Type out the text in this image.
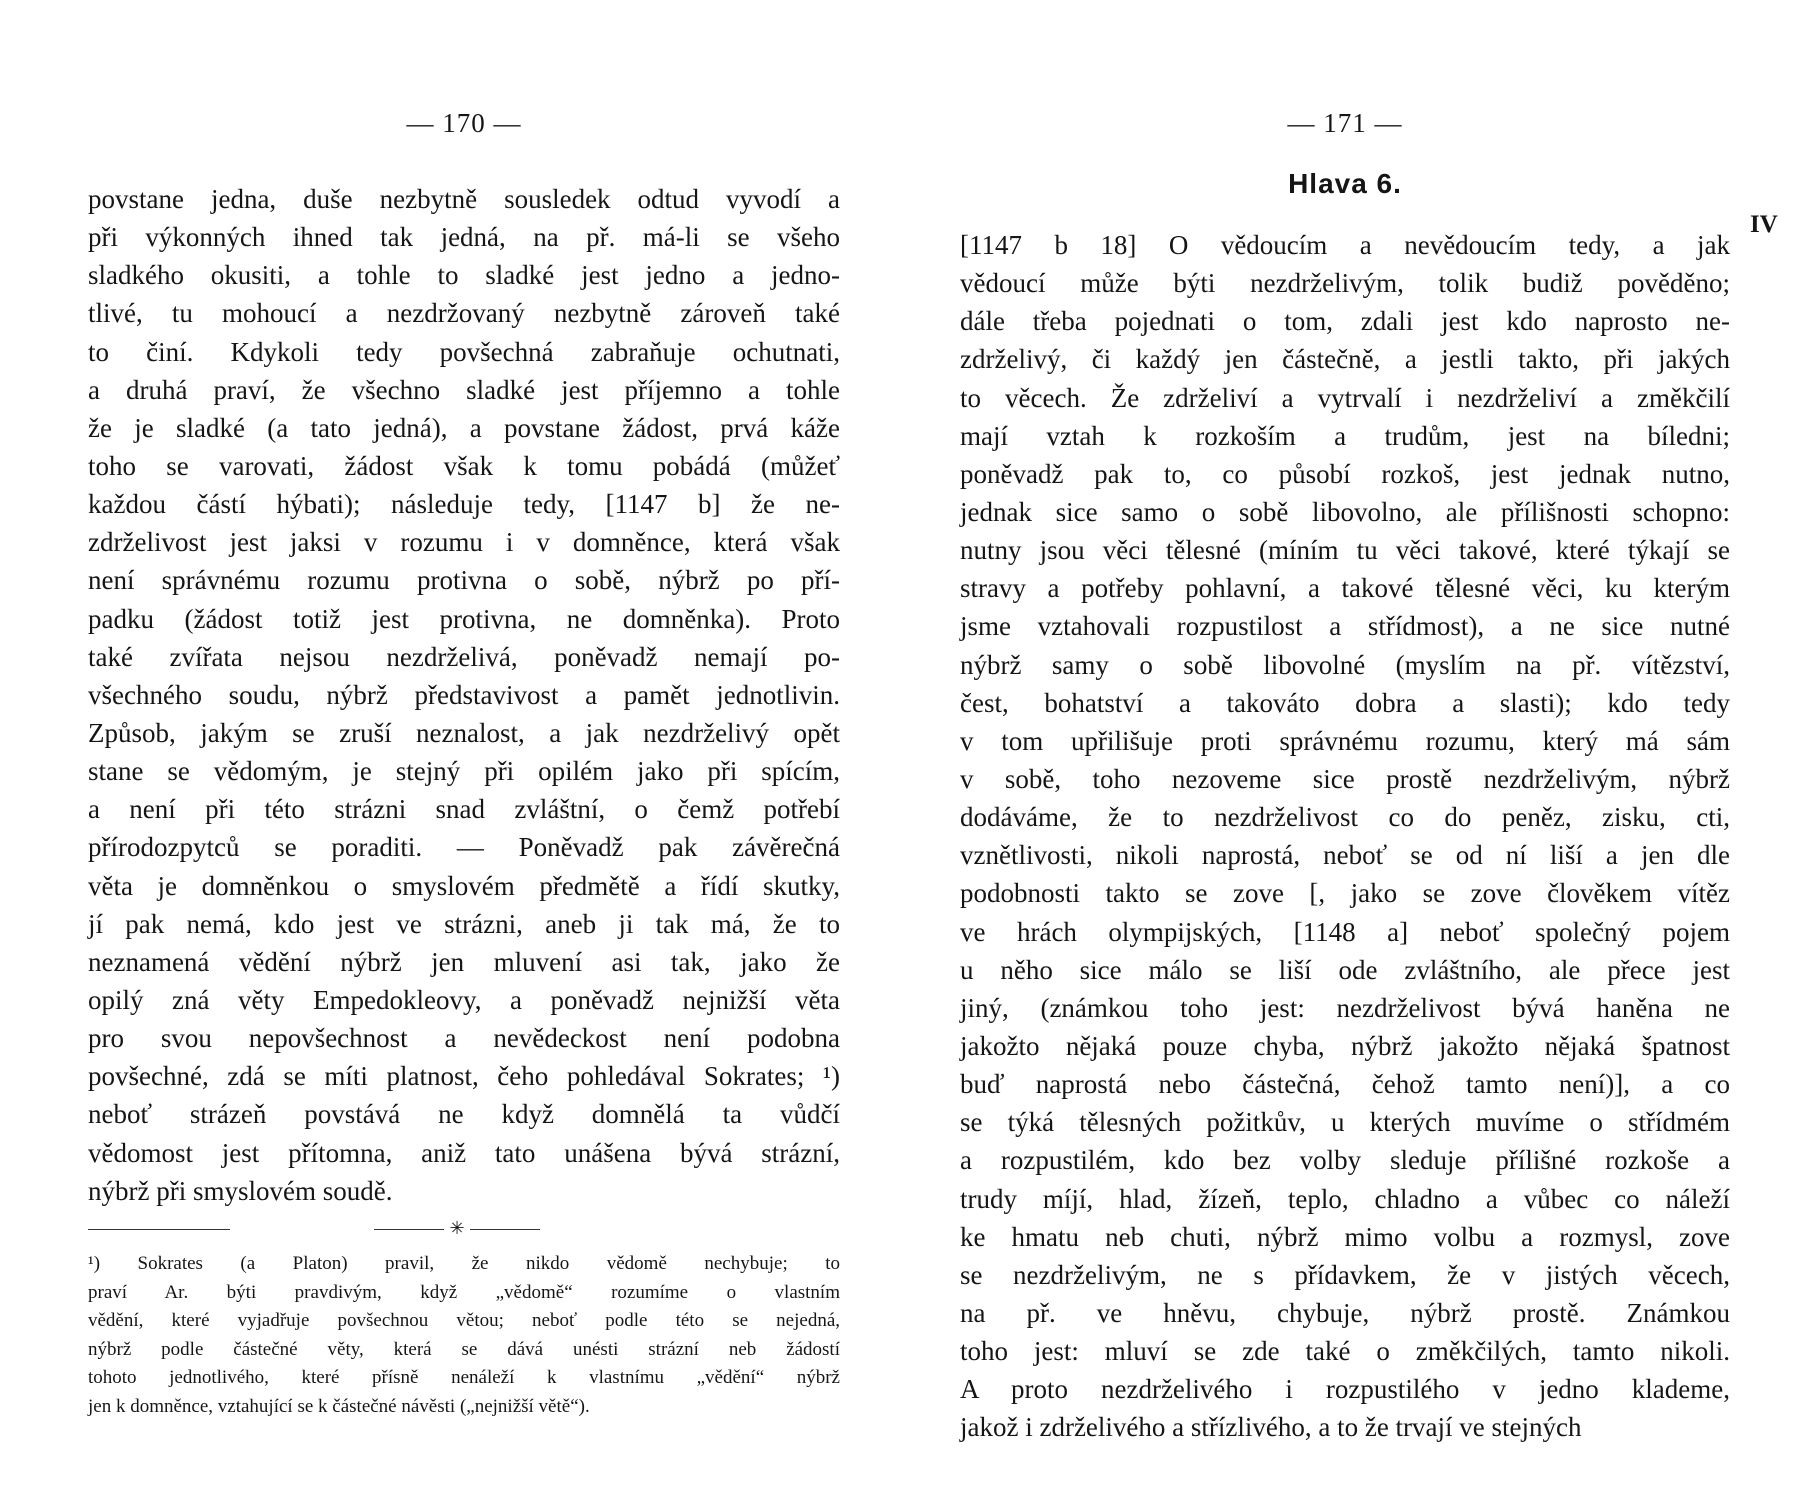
— 170 —
povstane jedna, duše nezbytně sousledek odtud vyvodí a
při výkonných ihned tak jedná, na př. má-li se všeho
sladkého okusiti, a tohle to sladké jest jedno a jedno-
tlivé, tu mohoucí a nezdržovaný nezbytně zároveň také
to činí. Kdykoli tedy povšechná zabraňuje ochutnati,
a druhá praví, že všechno sladké jest příjemno a tohle
že je sladké (a tato jedná), a povstane žádost, prvá káže
toho se varovati, žádost však k tomu pobádá (můžeť
každou částí hýbati); následuje tedy, [1147 b] že ne-
zdrželivost jest jaksi v rozumu i v domněnce, která však
není správnému rozumu protivna o sobě, nýbrž po pří-
padku (žádost totiž jest protivna, ne domněnka). Proto
také zvířata nejsou nezdrželivá, poněvadž nemají po-
všechného soudu, nýbrž představivost a pamět jednotlivin.
Způsob, jakým se zruší neznalost, a jak nezdrželivý opět
stane se vědomým, je stejný při opilém jako při spícím,
a není při této strázni snad zvláštní, o čemž potřebí
přírodozpytců se poraditi. — Poněvadž pak závěrečná
věta je domněnkou o smyslovém předmětě a řídí skutky,
jí pak nemá, kdo jest ve strázni, aneb ji tak má, že to
neznamená vědění nýbrž jen mluvení asi tak, jako že
opilý zná věty Empedokleovy, a poněvadž nejnižší věta
pro svou nepovšechnost a nevědeckost není podobna
povšechné, zdá se míti platnost, čeho pohledával Sokrates; ¹)
neboť strázeň povstává ne když domnělá ta vůdčí
vědomost jest přítomna, aniž tato unášena bývá strázní,
nýbrž při smyslovém soudě.
✳
¹) Sokrates (a Platon) pravil, že nikdo vědomě nechybuje; to
praví Ar. býti pravdivým, když „vědomě“ rozumíme o vlastním
vědění, které vyjadřuje povšechnou větou; neboť podle této se nejedná,
nýbrž podle částečné věty, která se dává unésti strázní neb žádostí
tohoto jednotlivého, které přísně nenáleží k vlastnímu „vědění“ nýbrž
jen k domněnce, vztahující se k částečné návěsti („nejnižší větě“).
— 171 —
Hlava 6.
IV
[1147 b 18] O vědoucím a nevědoucím tedy, a jak
vědoucí může býti nezdrželivým, tolik budiž pověděno;
dále třeba pojednati o tom, zdali jest kdo naprosto ne-
zdrželivý, či každý jen částečně, a jestli takto, při jakých
to věcech. Že zdrželiví a vytrvalí i nezdrželiví a změkčilí
mají vztah k rozkoším a trudům, jest na bíledni;
poněvadž pak to, co působí rozkoš, jest jednak nutno,
jednak sice samo o sobě libovolno, ale přílišnosti schopno:
nutny jsou věci tělesné (míním tu věci takové, které týkají se
stravy a potřeby pohlavní, a takové tělesné věci, ku kterým
jsme vztahovali rozpustilost a střídmost), a ne sice nutné
nýbrž samy o sobě libovolné (myslím na př. vítězství,
čest, bohatství a takováto dobra a slasti); kdo tedy
v tom upřilišuje proti správnému rozumu, který má sám
v sobě, toho nezoveme sice prostě nezdrželivým, nýbrž
dodáváme, že to nezdrželivost co do peněz, zisku, cti,
vznětlivosti, nikoli naprostá, neboť se od ní liší a jen dle
podobnosti takto se zove [, jako se zove člověkem vítěz
ve hrách olympijských, [1148 a] neboť společný pojem
u něho sice málo se liší ode zvláštního, ale přece jest
jiný, (známkou toho jest: nezdrželivost bývá haněna ne
jakožto nějaká pouze chyba, nýbrž jakožto nějaká špatnost
buď naprostá nebo částečná, čehož tamto není)], a co
se týká tělesných požitkův, u kterých muvíme o střídmém
a rozpustilém, kdo bez volby sleduje přílišné rozkoše a
trudy míjí, hlad, žízeň, teplo, chladno a vůbec co náleží
ke hmatu neb chuti, nýbrž mimo volbu a rozmysl, zove
se nezdrželivým, ne s přídavkem, že v jistých věcech,
na př. ve hněvu, chybuje, nýbrž prostě. Známkou
toho jest: mluví se zde také o změkčilých, tamto nikoli.
A proto nezdrželivého i rozpustilého v jedno klademe,
jakož i zdrželivého a střízlivého, a to že trvají ve stejných
